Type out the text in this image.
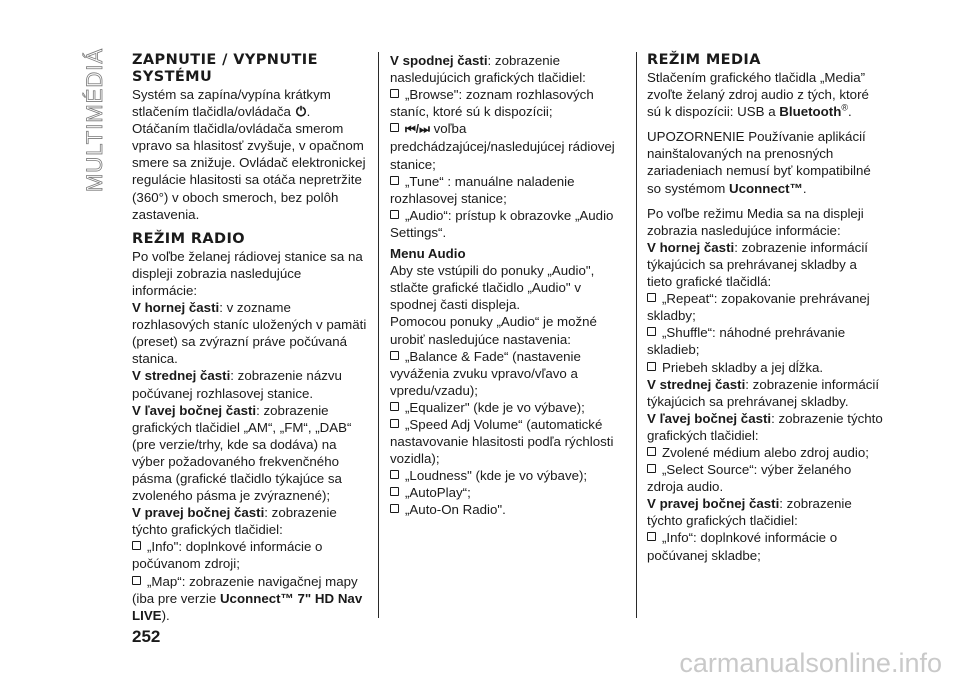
MULTIMÉDIÁ ZAPNUTIE / VYPNUTIE SYSTÉMU

Systém sa zapína/vypína krátkym stlačením tlačidla/ovládača .

Otáčaním tlačidla/ovládača smerom vpravo sa hlasitosť zvyšuje, v opačnom smere sa znižuje. Ovládač elektronickej regulácie hlasitosti sa otáča nepretržite (360°) v oboch smeroch, bez polôh zastavenia.

REŽIM RADIO

Po voľbe želanej rádiovej stanice sa na displeji zobrazia nasledujúce informácie:

V hornej časti: v zozname rozhlasových staníc uložených v pamäti (preset) sa zvýrazní práve počúvaná stanica.

V strednej časti: zobrazenie názvu počúvanej rozhlasovej stanice.

V ľavej bočnej časti: zobrazenie grafických tlačidiel „AM“, „FM“, „DAB“ (pre verzie/trhy, kde sa dodáva) na výber požadovaného frekvenčného pásma (grafické tlačidlo týkajúce sa zvoleného pásma je zvýraznené);

V pravej bočnej časti: zobrazenie týchto grafických tlačidiel:

„Info": doplnkové informácie o počúvanom zdroji;

„Map“: zobrazenie navigačnej mapy (iba pre verzie Uconnect™ 7" HD Nav LIVE).

V spodnej časti: zobrazenie nasledujúcich grafických tlačidiel:

„Browse": zoznam rozhlasových staníc, ktoré sú k dispozícii;

⏮/⏭ voľba predchádzajúcej/nasledujúcej rádiovej stanice;

„Tune“ : manuálne naladenie rozhlasovej stanice;

„Audio“: prístup k obrazovke „Audio Settings“.

Menu Audio

Aby ste vstúpili do ponuky „Audio", stlačte grafické tlačidlo „Audio" v spodnej časti displeja.

Pomocou ponuky „Audio“ je možné urobiť nasledujúce nastavenia:

„Balance & Fade“ (nastavenie vyváženia zvuku vpravo/vľavo a vpredu/vzadu);

„Equalizer" (kde je vo výbave);

„Speed Adj Volume“ (automatické nastavovanie hlasitosti podľa rýchlosti vozidla);

„Loudness" (kde je vo výbave);

„AutoPlay“;

„Auto-On Radio".

REŽIM MEDIA

Stlačením grafického tlačidla „Media” zvoľte želaný zdroj audio z tých, ktoré sú k dispozícii: USB a Bluetooth®.

UPOZORNENIE Používanie aplikácií nainštalovaných na prenosných zariadeniach nemusí byť kompatibilné so systémom Uconnect™.

Po voľbe režimu Media sa na displeji zobrazia nasledujúce informácie:

V hornej časti: zobrazenie informácií týkajúcich sa prehrávanej skladby a tieto grafické tlačidlá:

„Repeat“: zopakovanie prehrávanej skladby;

„Shuffle“: náhodné prehrávanie skladieb;

Priebeh skladby a jej dĺžka.

V strednej časti: zobrazenie informácií týkajúcich sa prehrávanej skladby.

V ľavej bočnej časti: zobrazenie týchto grafických tlačidiel:

Zvolené médium alebo zdroj audio;

„Select Source“: výber želaného zdroja audio.

V pravej bočnej časti: zobrazenie týchto grafických tlačidiel:

„Info“: doplnkové informácie o počúvanej skladbe;

252
carmanualsonline.info
